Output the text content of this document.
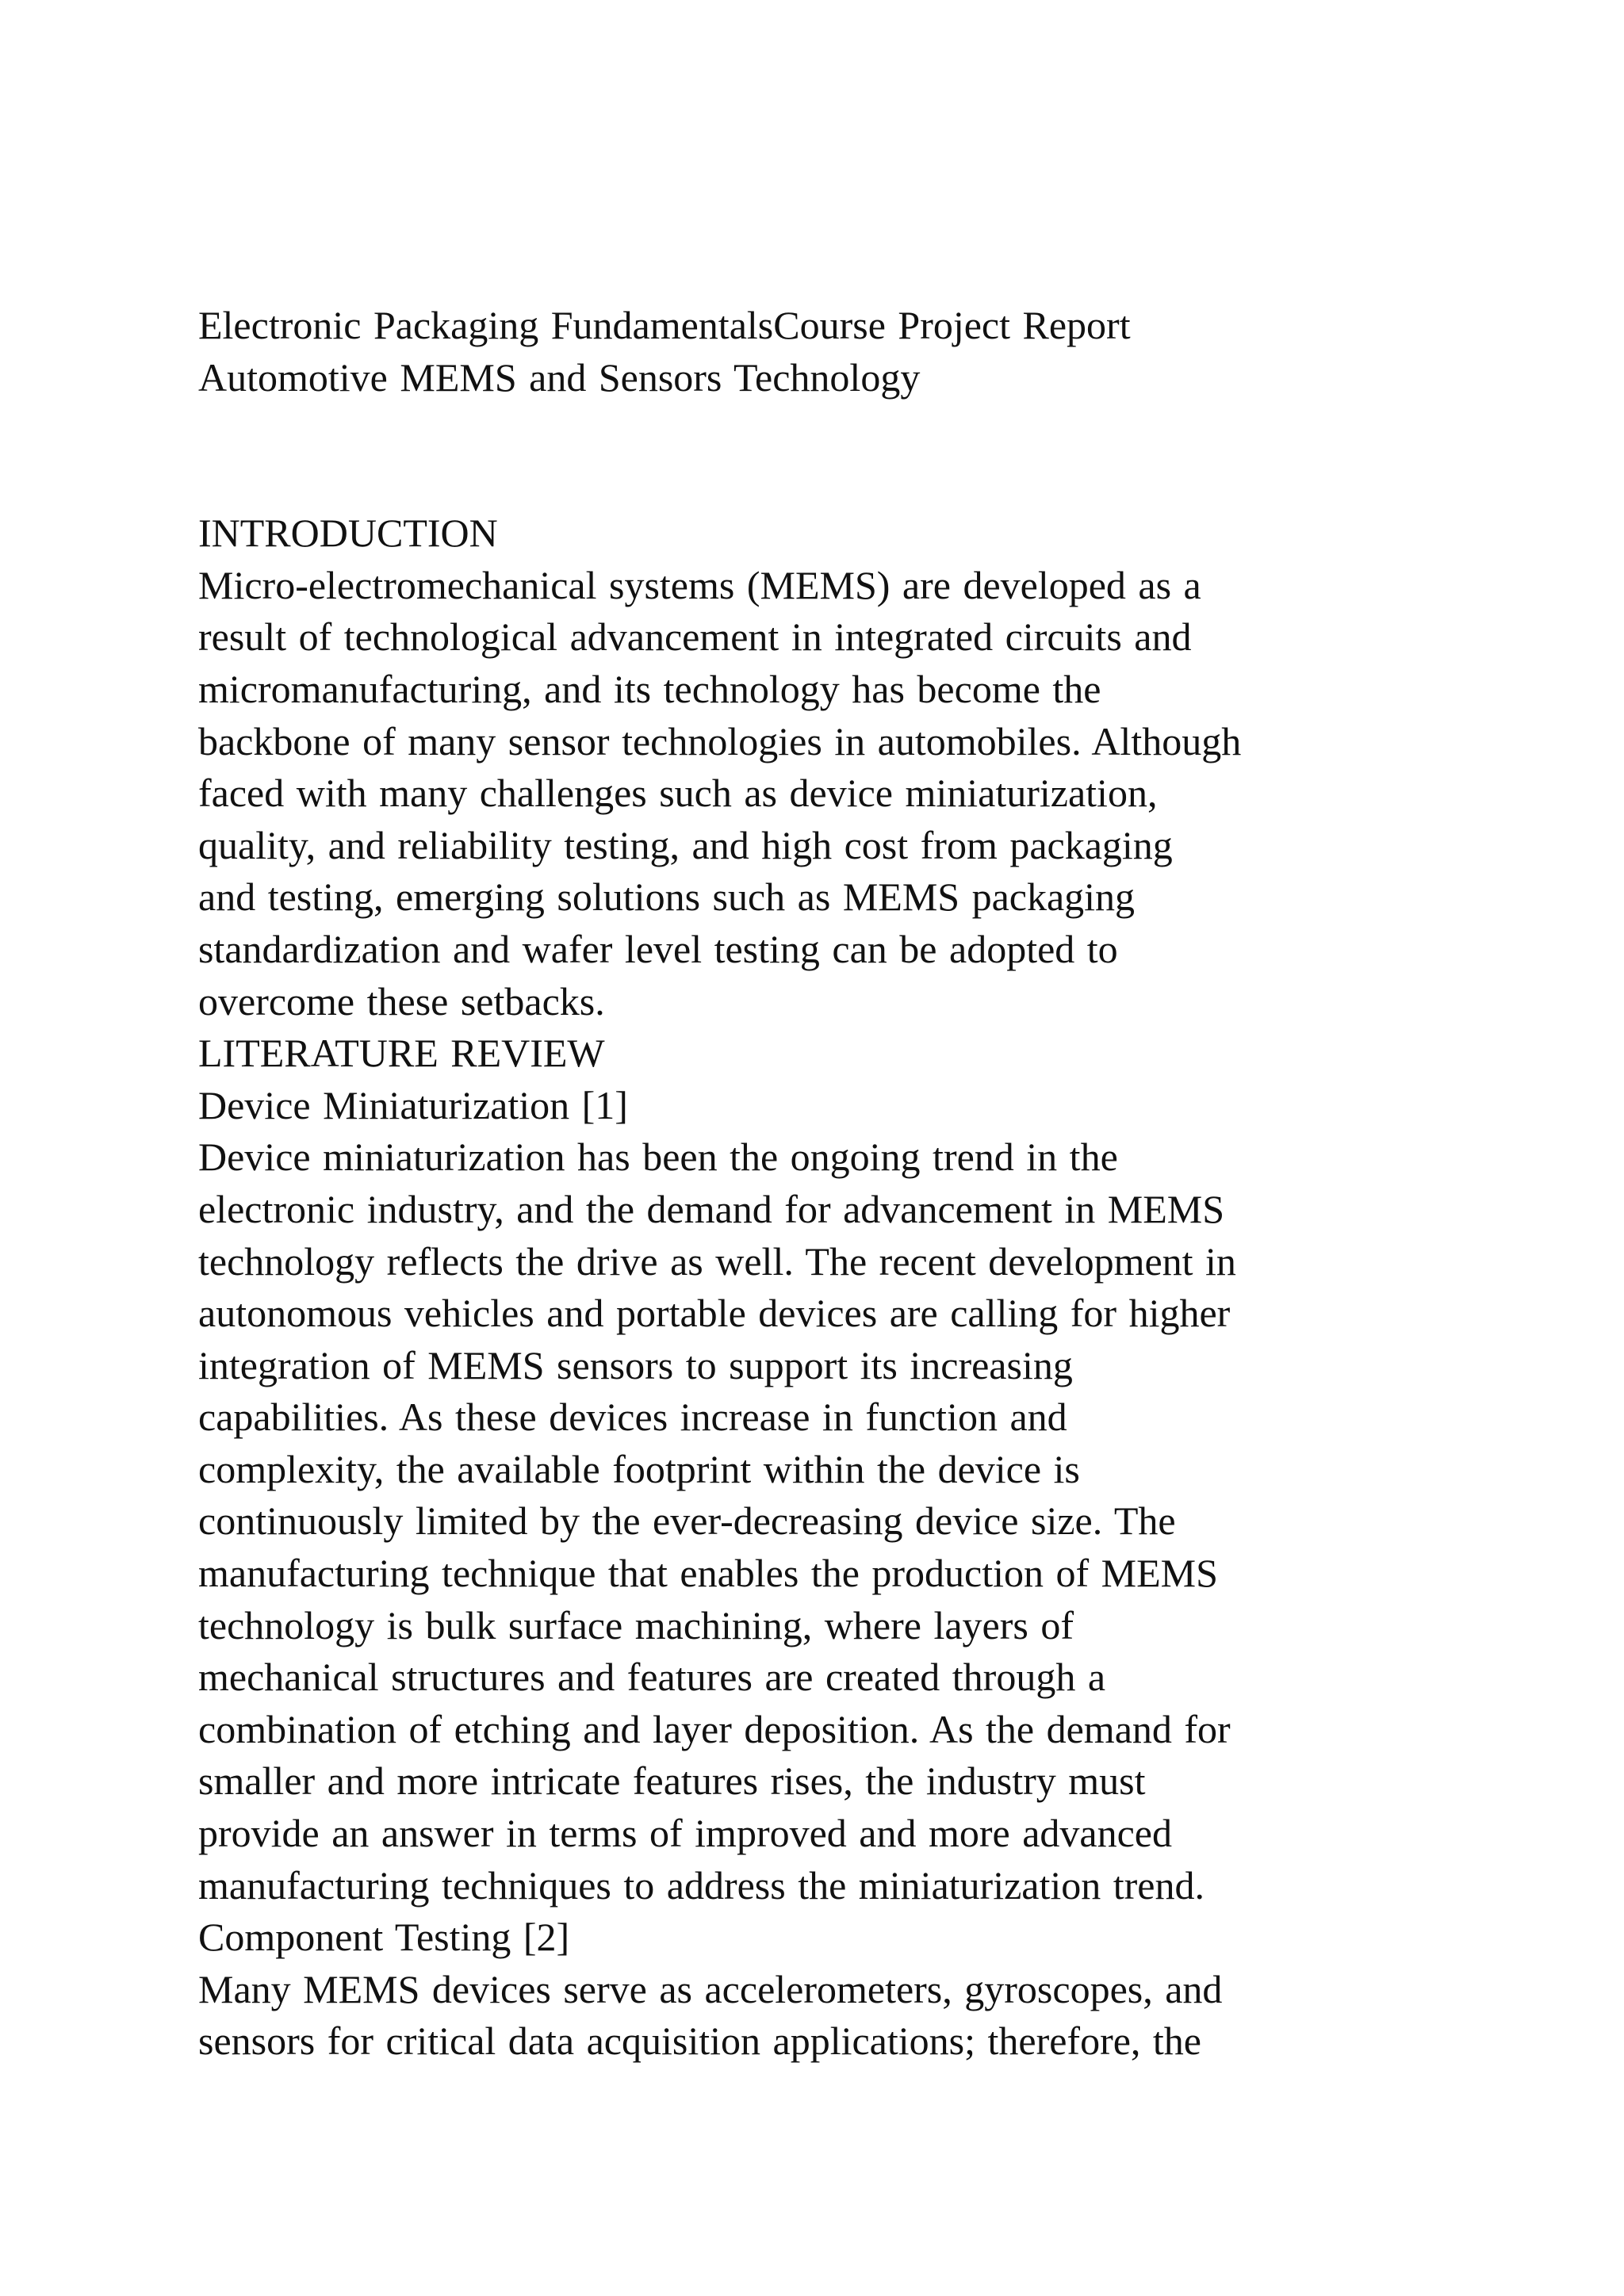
Electronic Packaging FundamentalsCourse Project Report
Automotive MEMS and Sensors Technology
INTRODUCTION
Micro-electromechanical systems (MEMS) are developed as a
result of technological advancement in integrated circuits and
micromanufacturing, and its technology has become the
backbone of many sensor technologies in automobiles. Although
faced with many challenges such as device miniaturization,
quality, and reliability testing, and high cost from packaging
and testing, emerging solutions such as MEMS packaging
standardization and wafer level testing can be adopted to
overcome these setbacks.
LITERATURE REVIEW
Device Miniaturization [1]
Device miniaturization has been the ongoing trend in the
electronic industry, and the demand for advancement in MEMS
technology reflects the drive as well. The recent development in
autonomous vehicles and portable devices are calling for higher
integration of MEMS sensors to support its increasing
capabilities. As these devices increase in function and
complexity, the available footprint within the device is
continuously limited by the ever-decreasing device size. The
manufacturing technique that enables the production of MEMS
technology is bulk surface machining, where layers of
mechanical structures and features are created through a
combination of etching and layer deposition. As the demand for
smaller and more intricate features rises, the industry must
provide an answer in terms of improved and more advanced
manufacturing techniques to address the miniaturization trend.
Component Testing [2]
Many MEMS devices serve as accelerometers, gyroscopes, and
sensors for critical data acquisition applications; therefore, the
